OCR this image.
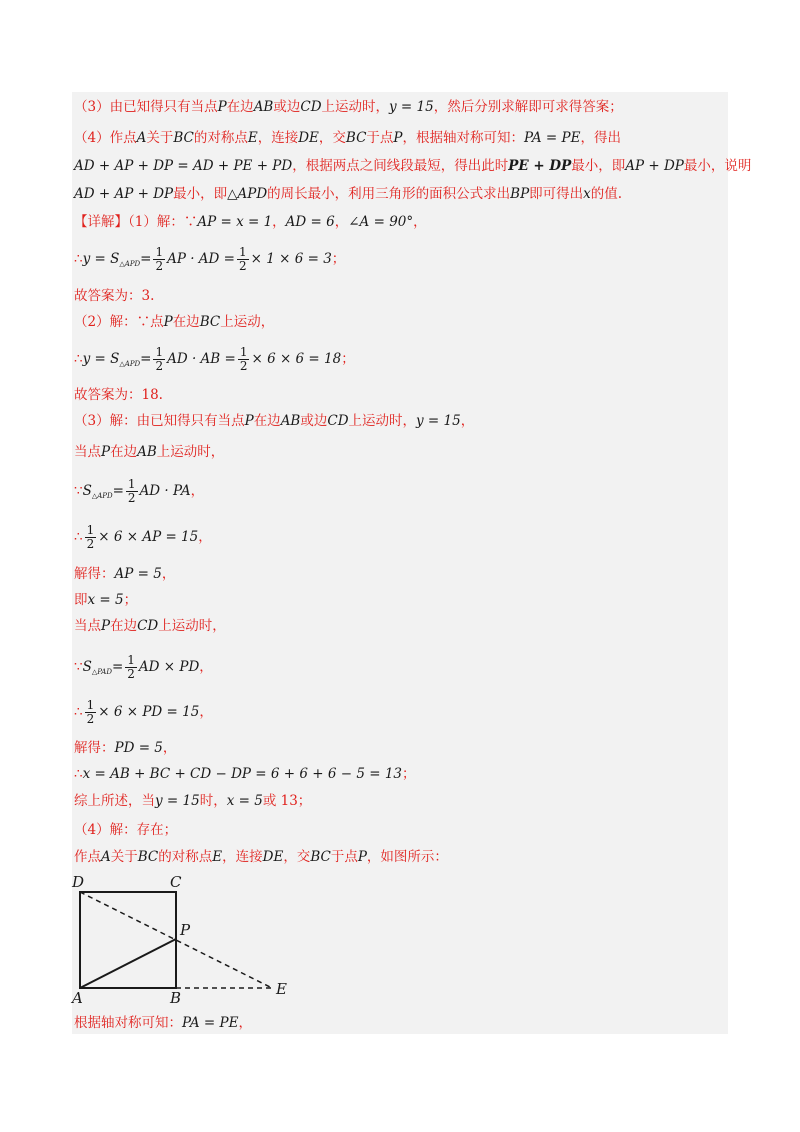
（3）由已知得只有当点P在边AB或边CD上运动时，y = 15，然后分别求解即可求得答案；
（4）作点A关于BC的对称点E，连接DE，交BC于点P，根据轴对称可知：PA = PE，得出
AD + AP + DP = AD + PE + PD，根据两点之间线段最短，得出此时PE + DP最小，即AP + DP最小，说明
AD + AP + DP最小，即△APD的周长最小，利用三角形的面积公式求出BP即可得出x的值.
【详解】（1）解：∵AP = x = 1，AD = 6，∠A = 90°，
∴y = $S_{\triangle APD}= \frac{1}{2}$ AP · AD = $\frac{1}{2} \times 1 \times 6 = 3$；
故答案为：3.
（2）解：∵点P在边BC上运动，
∴y = $S_{\triangle APD}= \frac{1}{2}$ AD · AB = $\frac{1}{2} \times 6 \times 6 = 18$；
故答案为：18.
（3）解：由已知得只有当点P在边AB或边CD上运动时，y = 15，
当点P在边AB上运动时，
$\because S_{\triangle APD}= \frac{1}{2}$ AD · PA，
∴ $\frac{1}{2} \times 6$ × AP = 15，
解得：AP = 5，
即x = 5；
当点P在边CD上运动时，
$\because S_{\triangle PAD}= \frac{1}{2}$ AD × PD，
∴ $\frac{1}{2} \times 6$ × PD = 15，
解得：PD = 5，
∴x = AB + BC + CD − DP = 6 + 6 + 6 − 5 = 13；
综上所述，当y = 15时，x = 5或 13；
（4）解：存在；
作点A关于BC的对称点E，连接DE，交BC于点P，如图所示：
D	C
P
A	B	E
根据轴对称可知：PA = PE，
